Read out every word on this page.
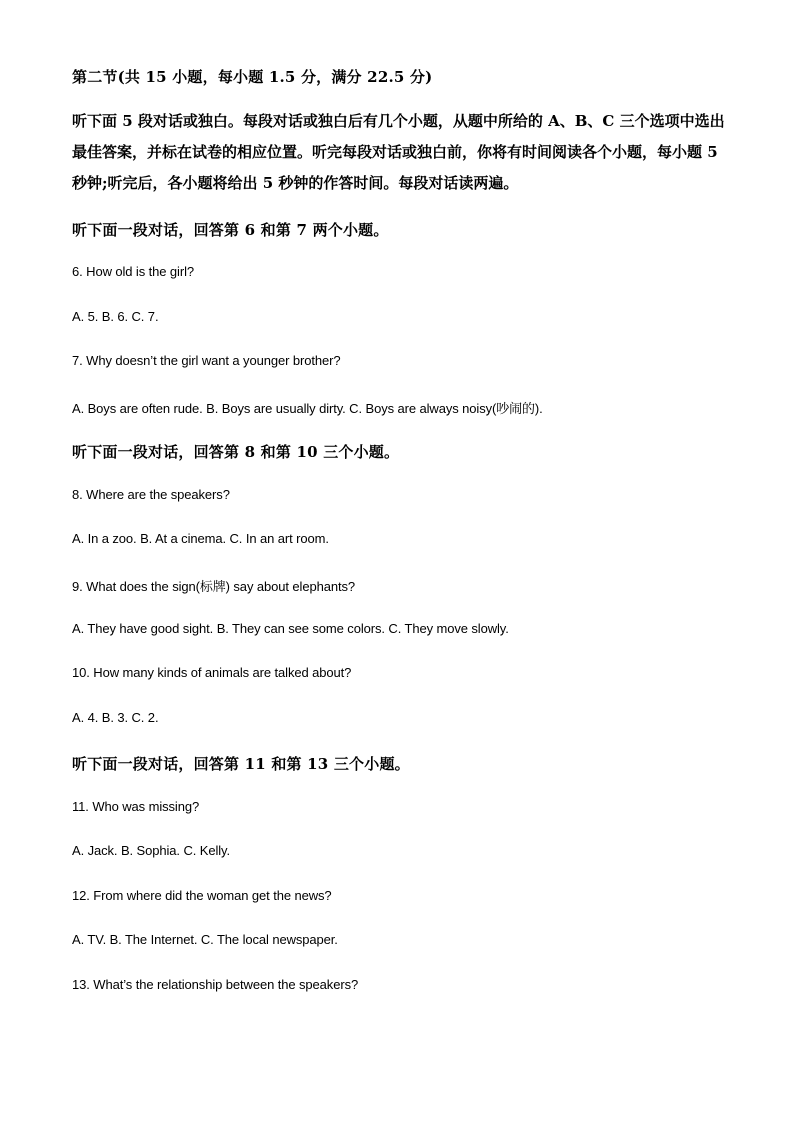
第二节(共 15 小题，每小题 1.5 分，满分 22.5 分)
听下面 5 段对话或独白。每段对话或独白后有几个小题，从题中所给的 A、B、C 三个选项中选出最佳答案，并标在试卷的相应位置。听完每段对话或独白前，你将有时间阅读各个小题，每小题 5 秒钟;听完后，各小题将给出 5 秒钟的作答时间。每段对话读两遍。
听下面一段对话，回答第 6 和第 7 两个小题。
6. How old is the girl?
A. 5. B. 6. C. 7.
7. Why doesn’t the girl want a younger brother?
A. Boys are often rude. B. Boys are usually dirty. C. Boys are always noisy(吵闹的).
听下面一段对话，回答第 8 和第 10 三个小题。
8. Where are the speakers?
A. In a zoo. B. At a cinema. C. In an art room.
9. What does the sign(标牌) say about elephants?
A. They have good sight. B. They can see some colors. C. They move slowly.
10. How many kinds of animals are talked about?
A. 4. B. 3. C. 2.
听下面一段对话，回答第 11 和第 13 三个小题。
11. Who was missing?
A. Jack. B. Sophia. C. Kelly.
12. From where did the woman get the news?
A. TV. B. The Internet. C. The local newspaper.
13. What’s the relationship between the speakers?
